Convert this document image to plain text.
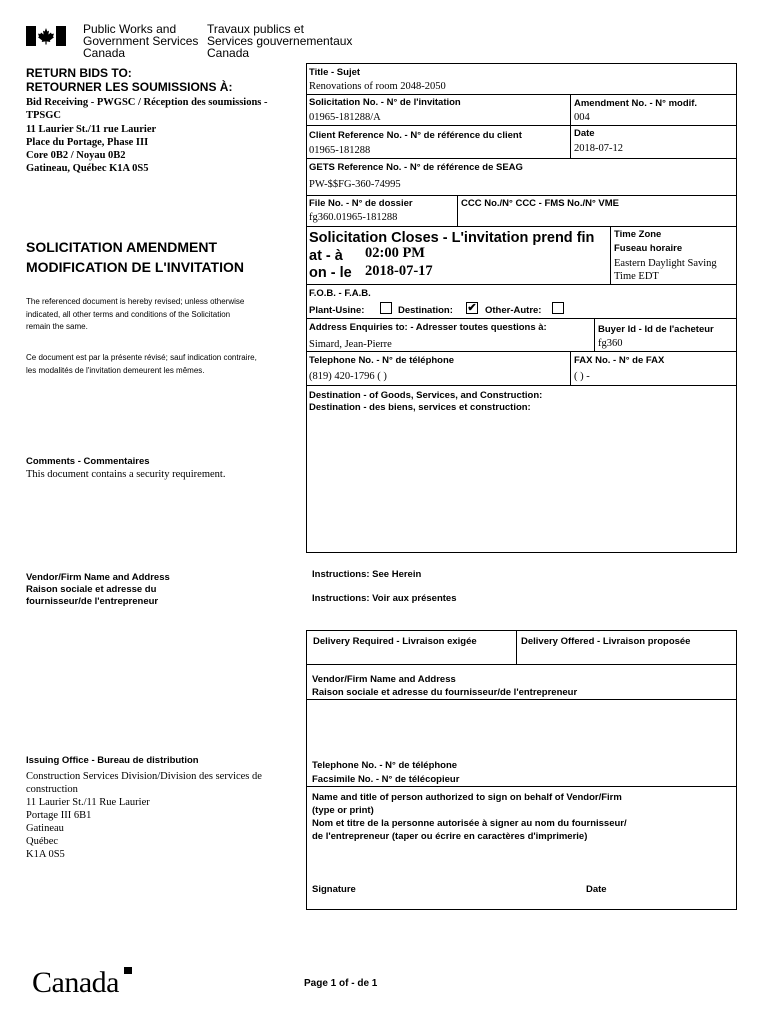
Public Works and
Government Services
Canada
Travaux publics et
Services gouvernementaux
Canada
RETURN BIDS TO:
RETOURNER LES SOUMISSIONS À:
Bid Receiving - PWGSC / Réception des soumissions -
TPSGC
11 Laurier St./11 rue Laurier
Place du Portage, Phase III
Core 0B2 / Noyau 0B2
Gatineau, Québec K1A 0S5
SOLICITATION AMENDMENT
MODIFICATION DE L'INVITATION
The referenced document is hereby revised; unless otherwise
indicated, all other terms and conditions of the Solicitation
remain the same.
Ce document est par la présente révisé; sauf indication contraire,
les modalités de l'invitation demeurent les mêmes.
Comments - Commentaires
This document contains a security requirement.
Vendor/Firm Name and Address
Raison sociale et adresse du
fournisseur/de l'entrepreneur
Issuing Office - Bureau de distribution
Construction Services Division/Division des services de
construction
11 Laurier St./11 Rue Laurier
Portage III 6B1
Gatineau
Québec
K1A 0S5
Title - Sujet
Renovations of room 2048-2050
Solicitation No. - N° de l'invitation
01965-181288/A
Amendment No. - N° modif.
004
Client Reference No. - N° de référence du client
01965-181288
Date
2018-07-12
GETS Reference No. - N° de référence de SEAG
PW-$$FG-360-74995
File No. - N° de dossier
fg360.01965-181288
CCC No./N° CCC - FMS No./N° VME
Solicitation Closes - L'invitation prend fin
at - à 02:00 PM
on - le 2018-07-17
Time Zone
Fuseau horaire
Eastern Daylight Saving
Time EDT
F.O.B. - F.A.B.
Plant-Usine:	Destination: ✔ Other-Autre:
Address Enquiries to: - Adresser toutes questions à:
Simard, Jean-Pierre
Buyer Id - Id de l'acheteur
fg360
Telephone No. - N° de téléphone
(819) 420-1796 ( )
FAX No. - N° de FAX
( ) -
Destination - of Goods, Services, and Construction:
Destination - des biens, services et construction:
Instructions: See Herein
Instructions: Voir aux présentes
Delivery Required - Livraison exigée	Delivery Offered - Livraison proposée
Vendor/Firm Name and Address
Raison sociale et adresse du fournisseur/de l'entrepreneur
Telephone No. - N° de téléphone
Facsimile No. - N° de télécopieur
Name and title of person authorized to sign on behalf of Vendor/Firm
(type or print)
Nom et titre de la personne autorisée à signer au nom du fournisseur/
de l'entrepreneur (taper ou écrire en caractères d'imprimerie)
Signature	Date
Page 1 of - de 1
Canada
